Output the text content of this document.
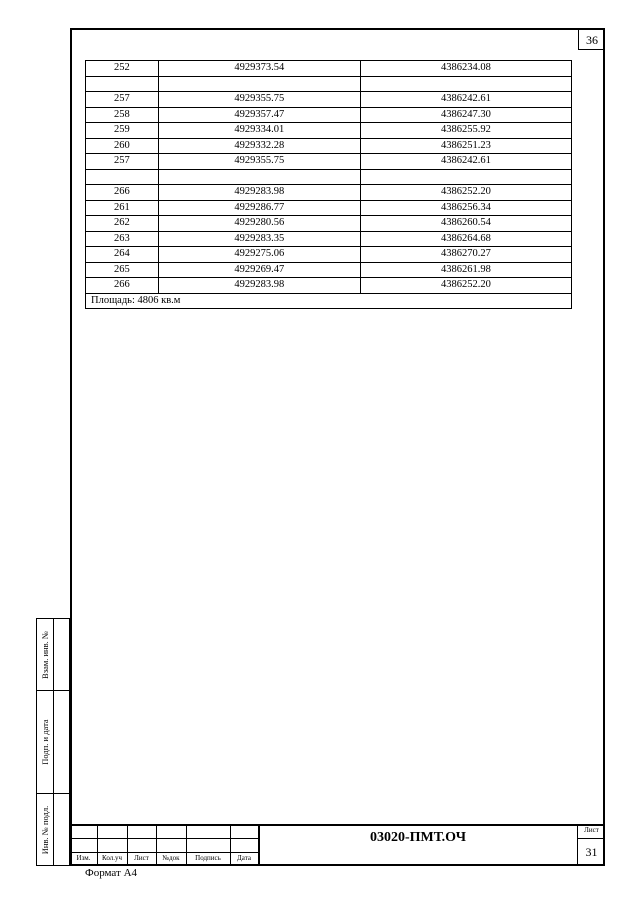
36
252	4929373.54	4386234.08

257	4929355.75	4386242.61
258	4929357.47	4386247.30
259	4929334.01	4386255.92
260	4929332.28	4386251.23
257	4929355.75	4386242.61

266	4929283.98	4386252.20
261	4929286.77	4386256.34
262	4929280.56	4386260.54
263	4929283.35	4386264.68
264	4929275.06	4386270.27
265	4929269.47	4386261.98
266	4929283.98	4386252.20
Площадь: 4806 кв.м		
Взам. инв. №
Подп. и дата
Инв. № подл.
Изм.	Кол.уч	Лист	№док	Подпись	Дата
03020-ПМТ.ОЧ	Лист
31
Формат А4
